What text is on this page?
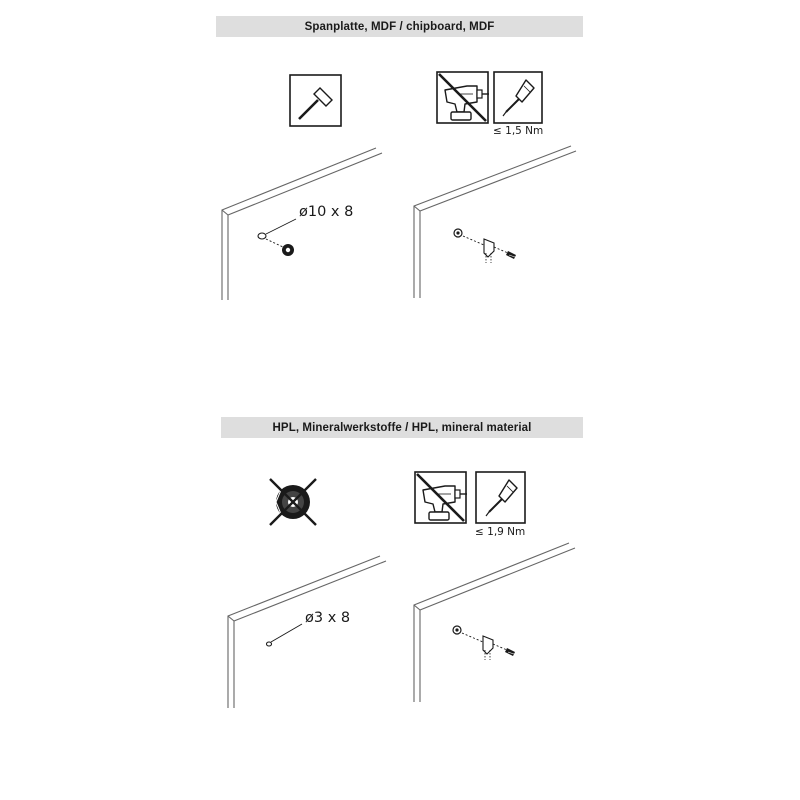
Spanplatte, MDF / chipboard, MDF
HPL, Mineralwerkstoffe / HPL, mineral material
≤ 1,5 Nm
ø10 x 8
≤ 1,9 Nm
ø3 x 8
